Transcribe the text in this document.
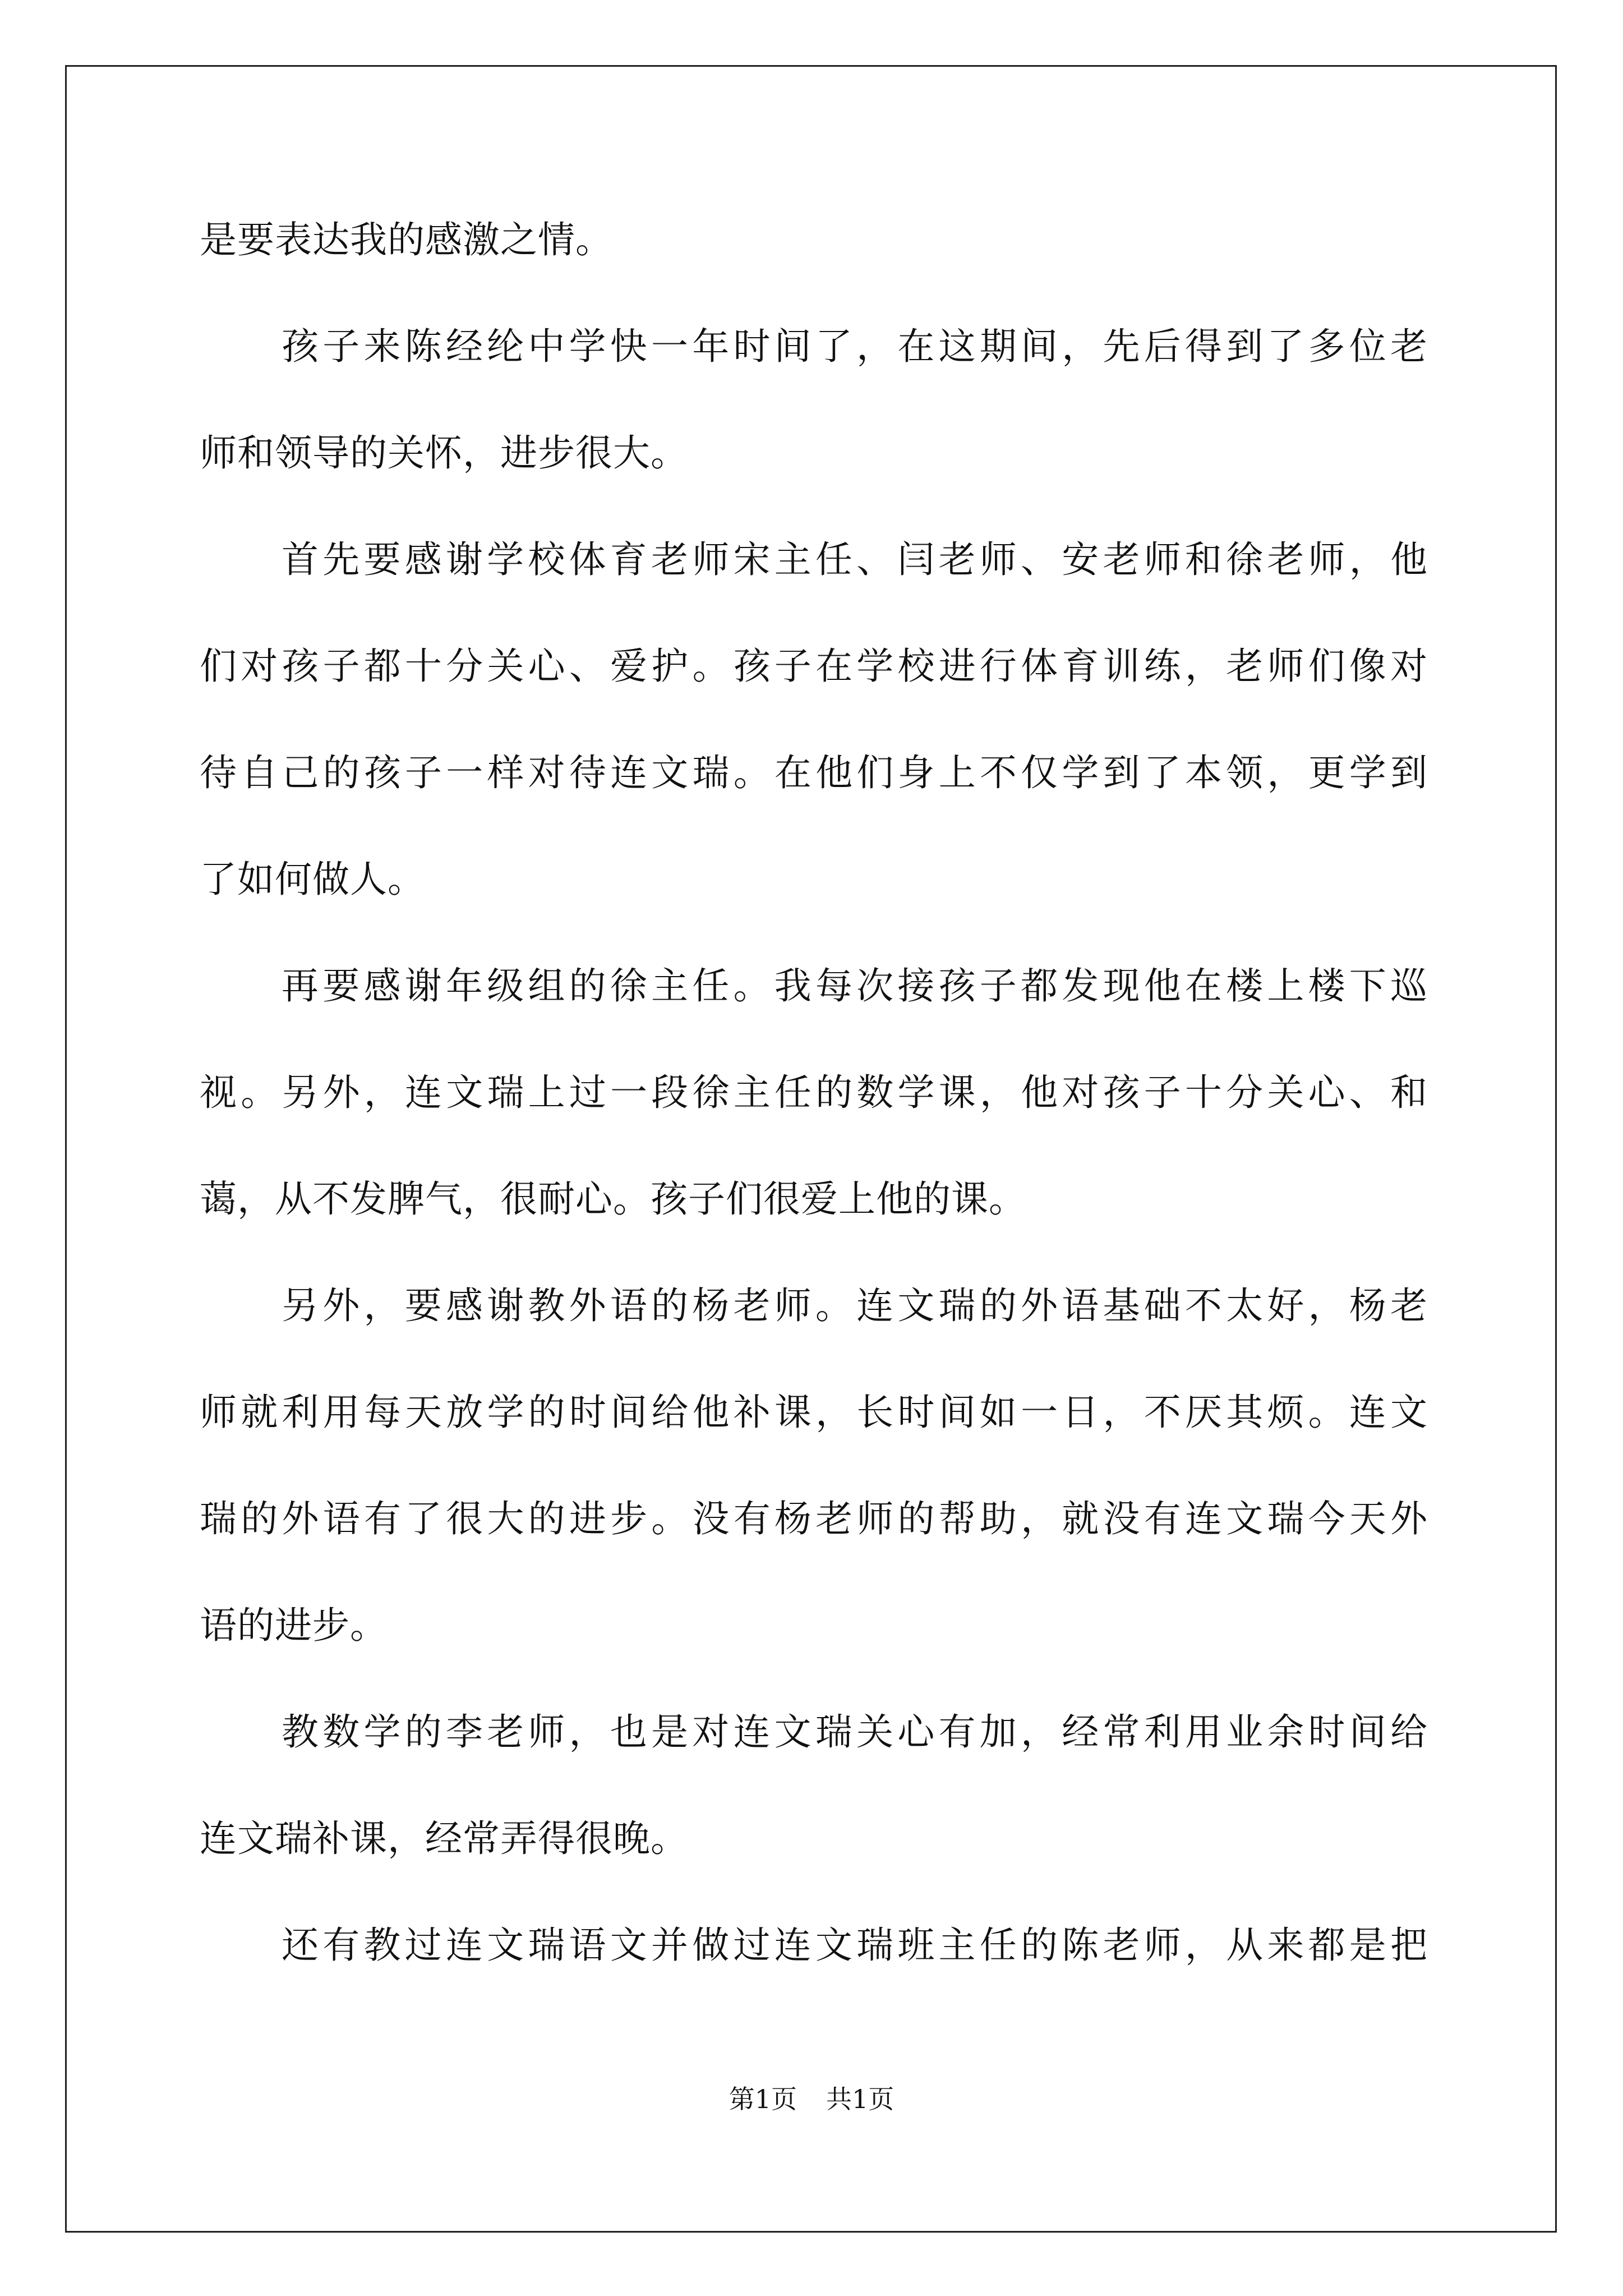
是要表达我的感激之情。
孩子来陈经纶中学快一年时间了，在这期间，先后得到了多位老
师和领导的关怀，进步很大。
首先要感谢学校体育老师宋主任、闫老师、安老师和徐老师，他
们对孩子都十分关心、爱护。孩子在学校进行体育训练，老师们像对
待自己的孩子一样对待连文瑞。在他们身上不仅学到了本领，更学到
了如何做人。
再要感谢年级组的徐主任。我每次接孩子都发现他在楼上楼下巡
视。另外，连文瑞上过一段徐主任的数学课，他对孩子十分关心、和
蔼，从不发脾气，很耐心。孩子们很爱上他的课。
另外，要感谢教外语的杨老师。连文瑞的外语基础不太好，杨老
师就利用每天放学的时间给他补课，长时间如一日，不厌其烦。连文
瑞的外语有了很大的进步。没有杨老师的帮助，就没有连文瑞今天外
语的进步。
教数学的李老师，也是对连文瑞关心有加，经常利用业余时间给
连文瑞补课，经常弄得很晚。
还有教过连文瑞语文并做过连文瑞班主任的陈老师，从来都是把
第1页 共1页
